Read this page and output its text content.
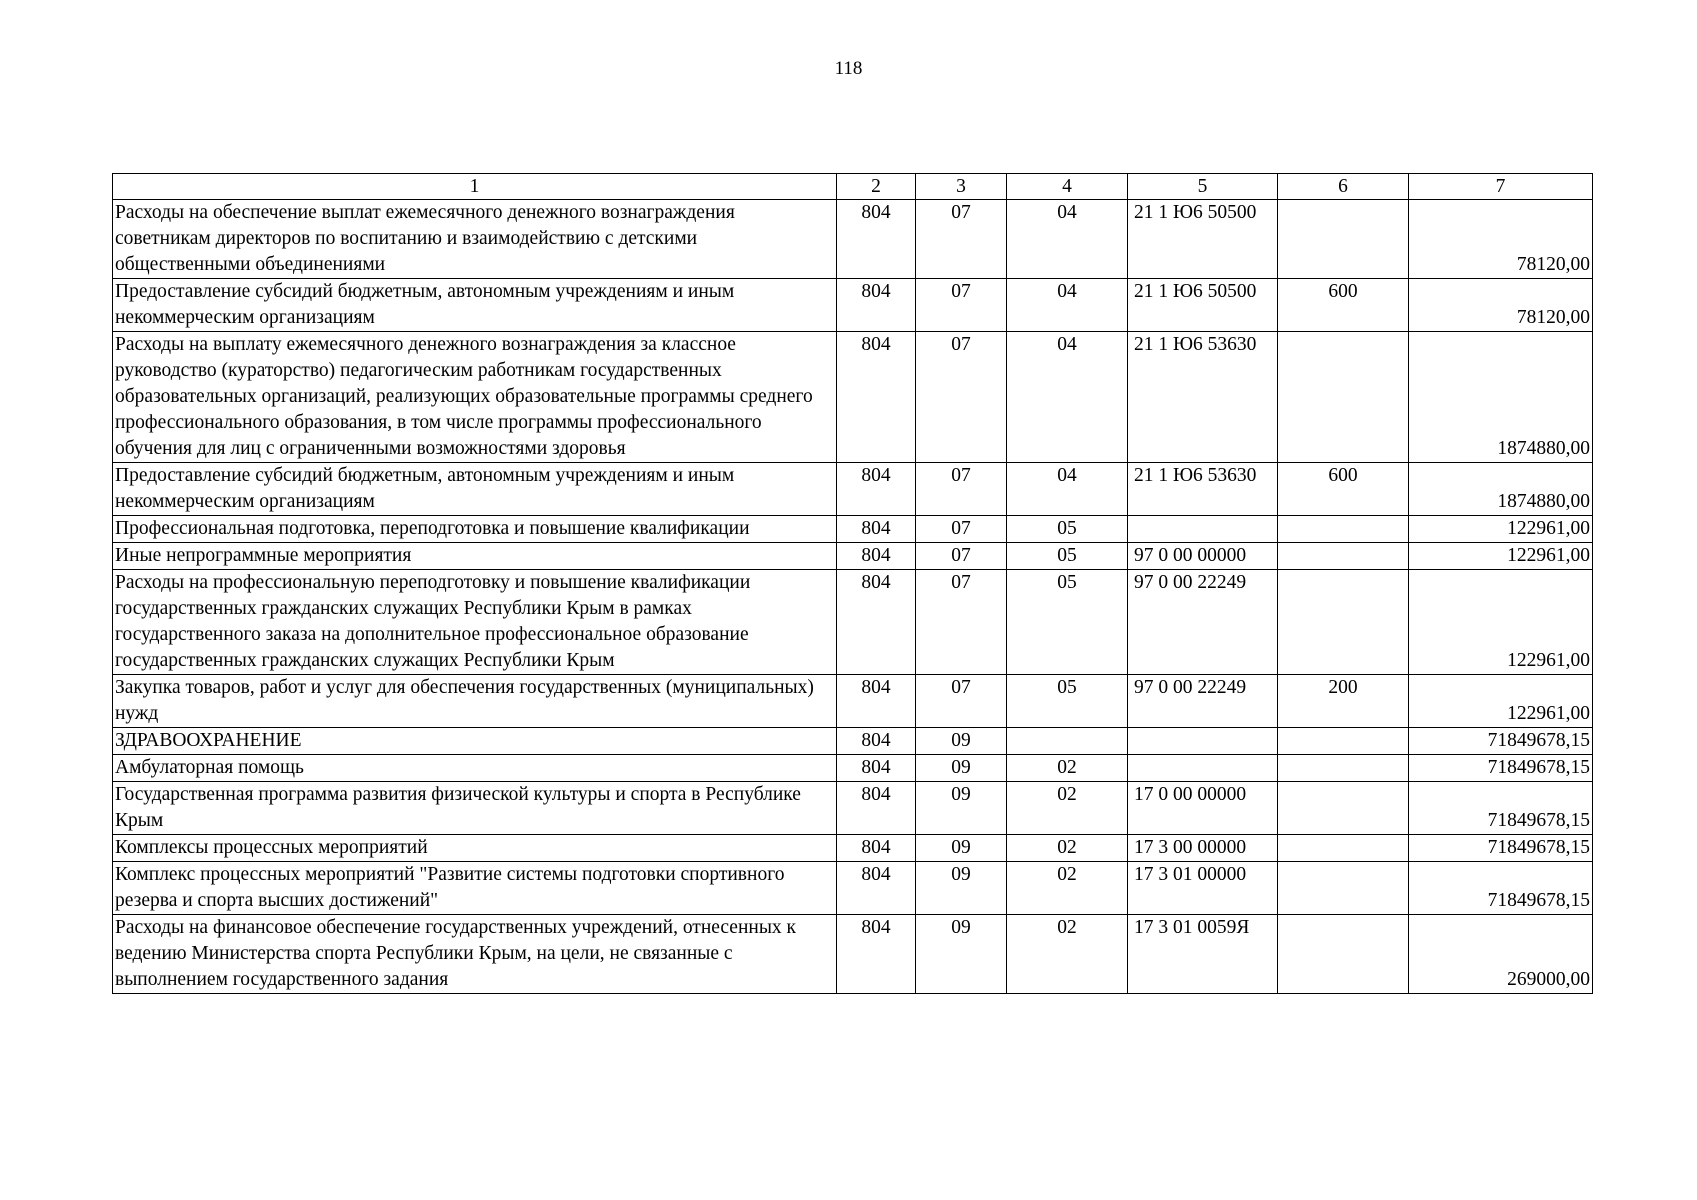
118
1	2	3	4	5	6	7
Расходы на обеспечение выплат ежемесячного денежного вознаграждения советникам директоров по воспитанию и взаимодействию с детскими общественными объединениями	804	07	04	21 1 Ю6 50500		78120,00
Предоставление субсидий бюджетным, автономным учреждениям и иным некоммерческим организациям	804	07	04	21 1 Ю6 50500	600	78120,00
Расходы на выплату ежемесячного денежного вознаграждения за классное руководство (кураторство) педагогическим работникам государственных образовательных организаций, реализующих образовательные программы среднего профессионального образования, в том числе программы профессионального обучения для лиц с ограниченными возможностями здоровья	804	07	04	21 1 Ю6 53630		1874880,00
Предоставление субсидий бюджетным, автономным учреждениям и иным некоммерческим организациям	804	07	04	21 1 Ю6 53630	600	1874880,00
Профессиональная подготовка, переподготовка и повышение квалификации	804	07	05			122961,00
Иные непрограммные мероприятия	804	07	05	97 0 00 00000		122961,00
Расходы на профессиональную переподготовку и повышение квалификации государственных гражданских служащих Республики Крым в рамках государственного заказа на дополнительное профессиональное образование государственных гражданских служащих Республики Крым	804	07	05	97 0 00 22249		122961,00
Закупка товаров, работ и услуг для обеспечения государственных (муниципальных) нужд	804	07	05	97 0 00 22249	200	122961,00
ЗДРАВООХРАНЕНИЕ	804	09				71849678,15
Амбулаторная помощь	804	09	02			71849678,15
Государственная программа развития физической культуры и спорта в Республике Крым	804	09	02	17 0 00 00000		71849678,15
Комплексы процессных мероприятий	804	09	02	17 3 00 00000		71849678,15
Комплекс процессных мероприятий "Развитие системы подготовки спортивного резерва и спорта высших достижений"	804	09	02	17 3 01 00000		71849678,15
Расходы на финансовое обеспечение государственных учреждений, отнесенных к ведению Министерства спорта Республики Крым, на цели, не связанные с выполнением государственного задания	804	09	02	17 3 01 0059Я		269000,00
